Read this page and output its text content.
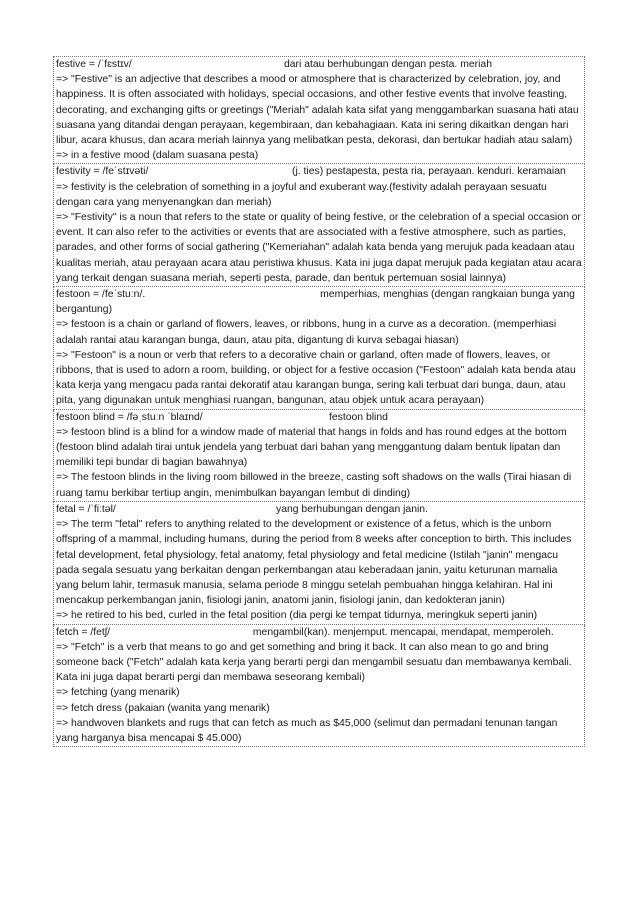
festive = /ˈfɛstɪv/	dari atau berhubungan dengan pesta. meriah

=> "Festive" is an adjective that describes a mood or atmosphere that is characterized by celebration, joy, and happiness. It is often associated with holidays, special occasions, and other festive events that involve feasting, decorating, and exchanging gifts or greetings ("Meriah" adalah kata sifat yang menggambarkan suasana hati atau suasana yang ditandai dengan perayaan, kegembiraan, dan kebahagiaan. Kata ini sering dikaitkan dengan hari libur, acara khusus, dan acara meriah lainnya yang melibatkan pesta, dekorasi, dan bertukar hadiah atau salam)

=> in a festive mood (dalam suasana pesta)

festivity = /feˈstɪvəti/	(j. ties) pestapesta, pesta ria, perayaan. kenduri. keramaian

=> festivity is the celebration of something in a joyful and exuberant way.(festivity adalah perayaan sesuatu dengan cara yang menyenangkan dan meriah)

=> "Festivity" is a noun that refers to the state or quality of being festive, or the celebration of a special occasion or event. It can also refer to the activities or events that are associated with a festive atmosphere, such as parties, parades, and other forms of social gathering ("Kemeriahan" adalah kata benda yang merujuk pada keadaan atau kualitas meriah, atau perayaan acara atau peristiwa khusus. Kata ini juga dapat merujuk pada kegiatan atau acara yang terkait dengan suasana meriah, seperti pesta, parade, dan bentuk pertemuan sosial lainnya)

festoon = /feˈstuːn/.	memperhias, menghias (dengan rangkaian bunga yang bergantung)

=> festoon is a chain or garland of flowers, leaves, or ribbons, hung in a curve as a decoration. (memperhiasi adalah rantai atau karangan bunga, daun, atau pita, digantung di kurva sebagai hiasan)

=> "Festoon" is a noun or verb that refers to a decorative chain or garland, often made of flowers, leaves, or ribbons, that is used to adorn a room, building, or object for a festive occasion ("Festoon" adalah kata benda atau kata kerja yang mengacu pada rantai dekoratif atau karangan bunga, sering kali terbuat dari bunga, daun, atau pita, yang digunakan untuk menghiasi ruangan, bangunan, atau objek untuk acara perayaan)

festoon blind = /fəˌstuːn ˈblaɪnd/	festoon blind

=> festoon blind is a blind for a window made of material that hangs in folds and has round edges at the bottom (festoon blind adalah tirai untuk jendela yang terbuat dari bahan yang menggantung dalam bentuk lipatan dan memiliki tepi bundar di bagian bawahnya)

=> The festoon blinds in the living room billowed in the breeze, casting soft shadows on the walls (Tirai hiasan di ruang tamu berkibar tertiup angin, menimbulkan bayangan lembut di dinding)

fetal = /ˈfiːtəl/	yang berhubungan dengan janin.

=> The term "fetal" refers to anything related to the development or existence of a fetus, which is the unborn offspring of a mammal, including humans, during the period from 8 weeks after conception to birth. This includes fetal development, fetal physiology, fetal anatomy, fetal physiology and fetal medicine (Istilah "janin" mengacu pada segala sesuatu yang berkaitan dengan perkembangan atau keberadaan janin, yaitu keturunan mamalia yang belum lahir, termasuk manusia, selama periode 8 minggu setelah pembuahan hingga kelahiran. Hal ini mencakup perkembangan janin, fisiologi janin, anatomi janin, fisiologi janin, dan kedokteran janin)

=> he retired to his bed, curled in the fetal position (dia pergi ke tempat tidurnya, meringkuk seperti janin)

fetch = /fetʃ/	mengambil(kan). menjemput. mencapai, mendapat, memperoleh.

=> "Fetch" is a verb that means to go and get something and bring it back. It can also mean to go and bring someone back ("Fetch" adalah kata kerja yang berarti pergi dan mengambil sesuatu dan membawanya kembali. Kata ini juga dapat berarti pergi dan membawa seseorang kembali)

=> fetching (yang menarik)

=> fetch dress (pakaian (wanita yang menarik)

=> handwoven blankets and rugs that can fetch as much as $45,000 (selimut dan permadani tenunan tangan yang harganya bisa mencapai $ 45.000)
